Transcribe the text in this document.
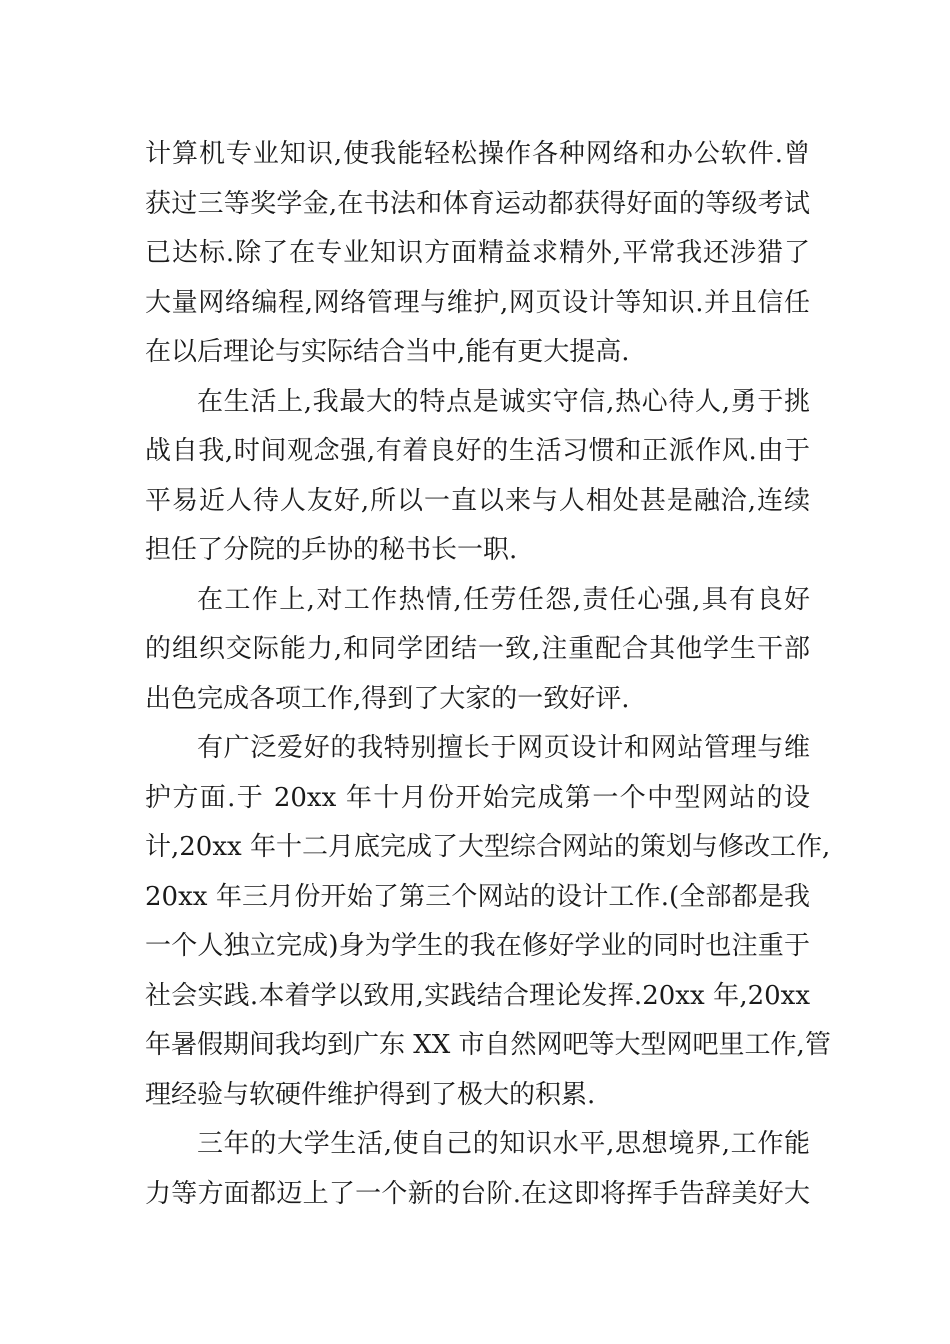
计算机专业知识,使我能轻松操作各种网络和办公软件.曾
获过三等奖学金,在书法和体育运动都获得好面的等级考试
已达标.除了在专业知识方面精益求精外,平常我还涉猎了
大量网络编程,网络管理与维护,网页设计等知识.并且信任
在以后理论与实际结合当中,能有更大提高.
在生活上,我最大的特点是诚实守信,热心待人,勇于挑
战自我,时间观念强,有着良好的生活习惯和正派作风.由于
平易近人待人友好,所以一直以来与人相处甚是融洽,连续
担任了分院的乒协的秘书长一职.
在工作上,对工作热情,任劳任怨,责任心强,具有良好
的组织交际能力,和同学团结一致,注重配合其他学生干部
出色完成各项工作,得到了大家的一致好评.
有广泛爱好的我特别擅长于网页设计和网站管理与维
护方面.于 20xx 年十月份开始完成第一个中型网站的设
计,20xx 年十二月底完成了大型综合网站的策划与修改工作,
20xx 年三月份开始了第三个网站的设计工作.(全部都是我
一个人独立完成)身为学生的我在修好学业的同时也注重于
社会实践.本着学以致用,实践结合理论发挥.20xx 年,20xx
年暑假期间我均到广东 XX 市自然网吧等大型网吧里工作,管
理经验与软硬件维护得到了极大的积累.
三年的大学生活,使自己的知识水平,思想境界,工作能
力等方面都迈上了一个新的台阶.在这即将挥手告辞美好大
